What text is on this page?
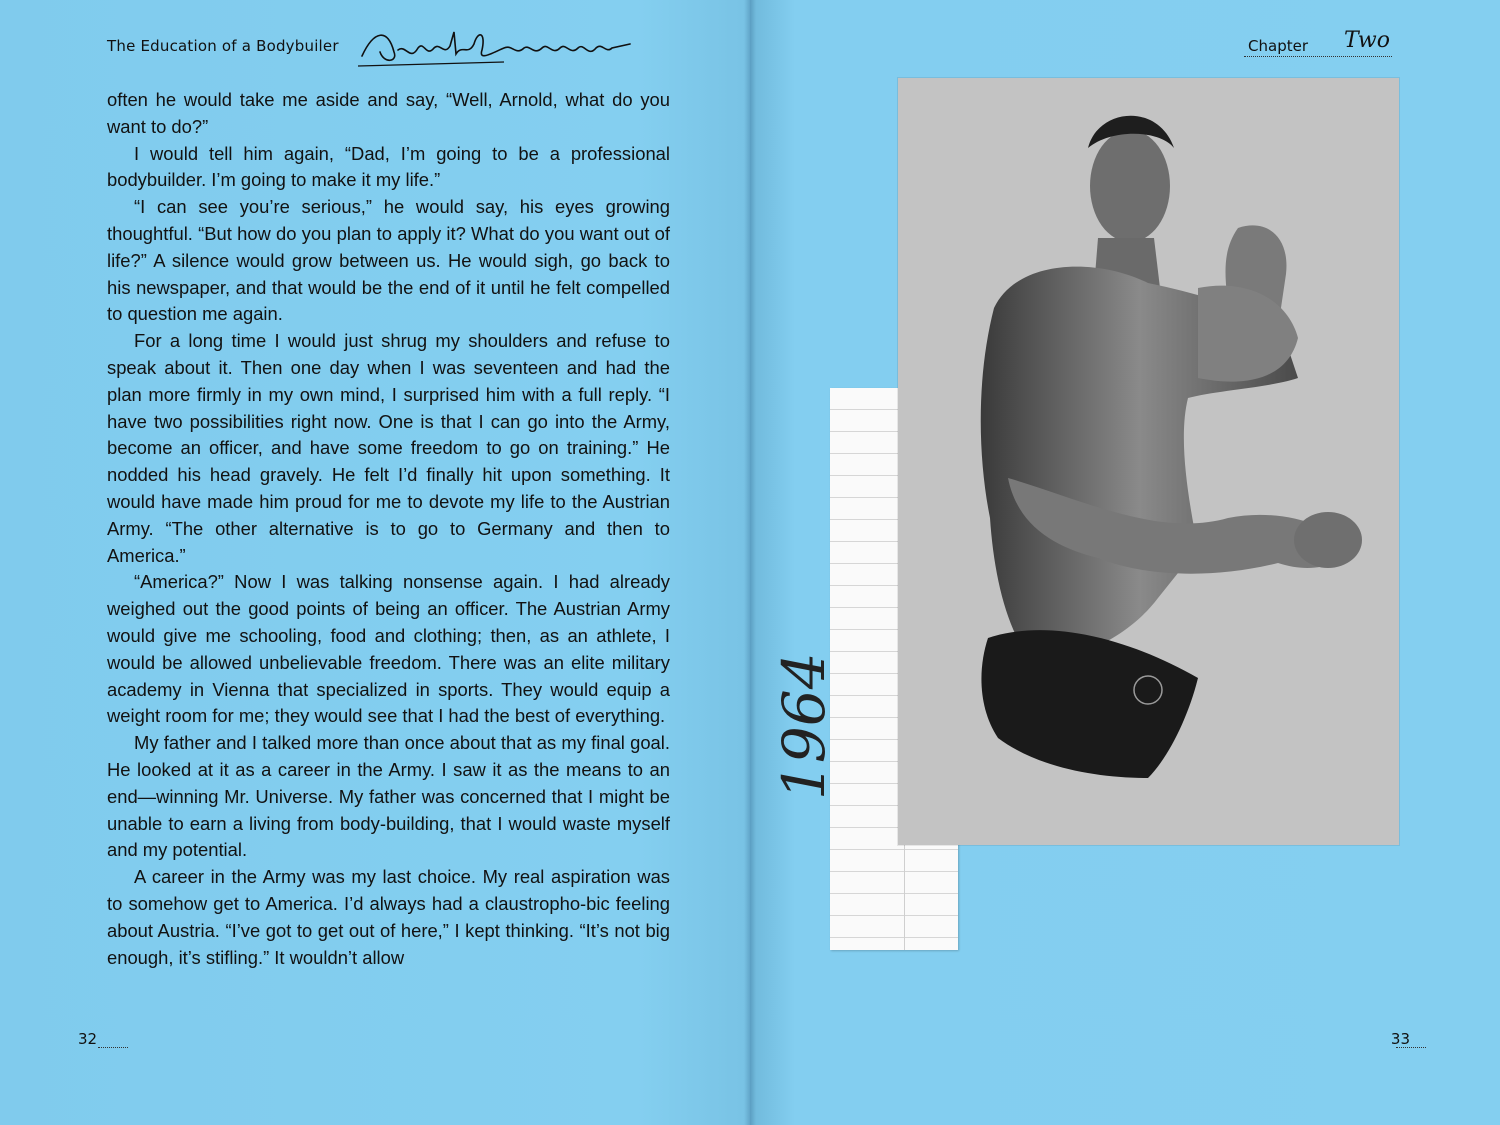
The Education of a Bodybuiler

often he would take me aside and say, “Well, Arnold, what do you want to do?”

I would tell him again, “Dad, I’m going to be a professional bodybuilder. I’m going to make it my life.”

“I can see you’re serious,” he would say, his eyes growing thoughtful. “But how do you plan to apply it? What do you want out of life?” A silence would grow between us. He would sigh, go back to his newspaper, and that would be the end of it until he felt compelled to question me again.

For a long time I would just shrug my shoulders and refuse to speak about it. Then one day when I was seventeen and had the plan more firmly in my own mind, I surprised him with a full reply. “I have two possibilities right now. One is that I can go into the Army, become an officer, and have some freedom to go on training.” He nodded his head gravely. He felt I’d finally hit upon something. It would have made him proud for me to devote my life to the Austrian Army. “The other alternative is to go to Germany and then to America.”

“America?” Now I was talking nonsense again. I had already weighed out the good points of being an officer. The Austrian Army would give me schooling, food and clothing; then, as an athlete, I would be allowed unbelievable freedom. There was an elite military academy in Vienna that specialized in sports. They would equip a weight room for me; they would see that I had the best of everything.

My father and I talked more than once about that as my final goal. He looked at it as a career in the Army. I saw it as the means to an end—winning Mr. Universe. My father was concerned that I might be unable to earn a living from body-building, that I would waste myself and my potential.

A career in the Army was my last choice. My real aspiration was to somehow get to America. I’d always had a claustropho-bic feeling about Austria. “I’ve got to get out of here,” I kept thinking. “It’s not big enough, it’s stifling.” It wouldn’t allow

32
Chapter Two
1964
33
